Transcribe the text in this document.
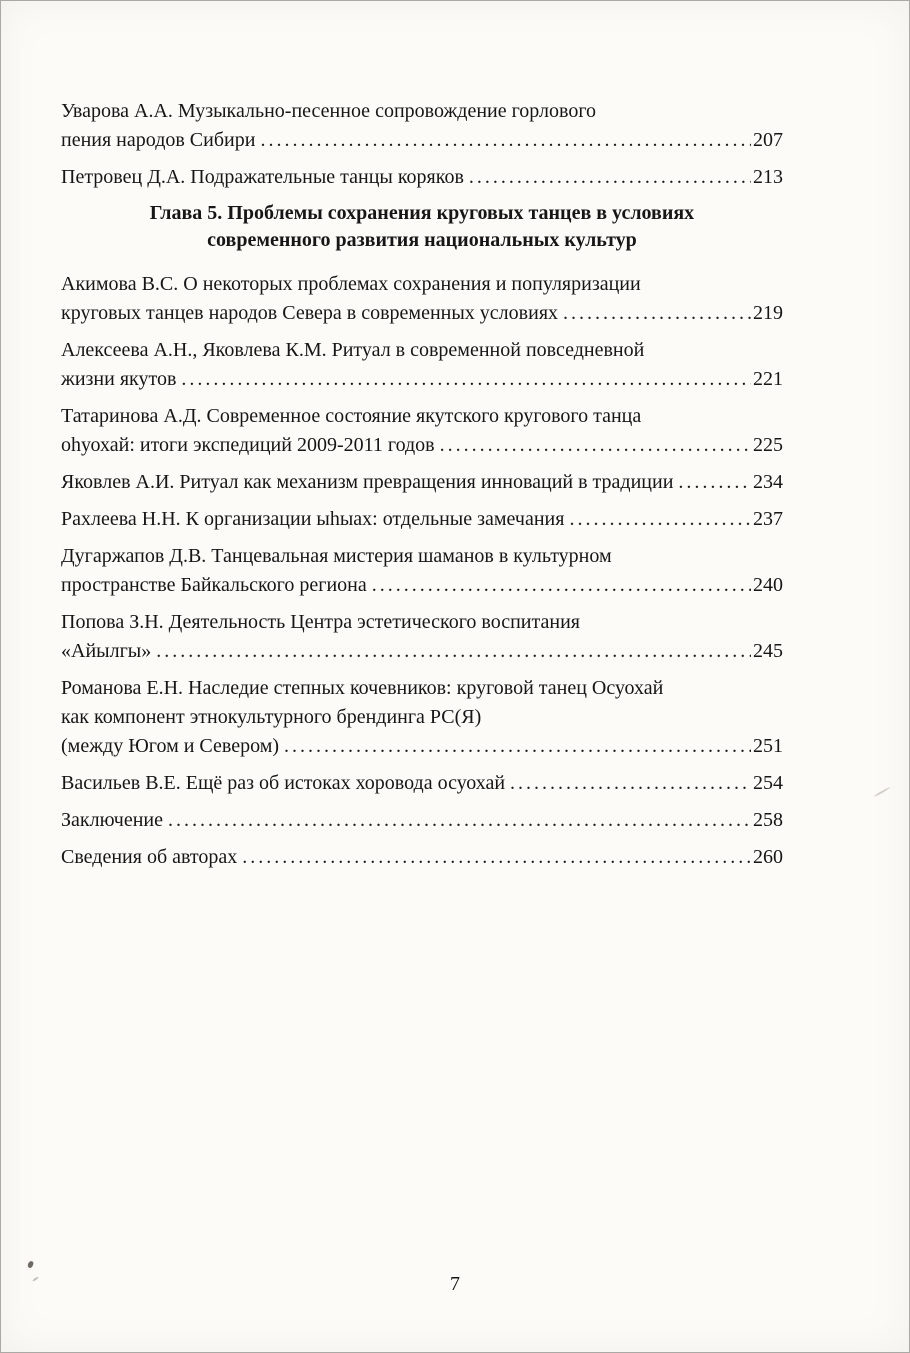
Уварова А.А. Музыкально-песенное сопровождение горлового
пения народов Сибири .....	207
Петровец Д.А. Подражательные танцы коряков .....	213
Глава 5. Проблемы сохранения круговых танцев в условиях
современного развития национальных культур
Акимова В.С. О некоторых проблемах сохранения и популяризации
круговых танцев народов Севера в современных условиях .....	219
Алексеева А.Н., Яковлева К.М. Ритуал в современной повседневной
жизни якутов .....	221
Татаринова А.Д. Современное состояние якутского кругового танца
оһуохай: итоги экспедиций 2009-2011 годов .....	225
Яковлев А.И. Ритуал как механизм превращения инноваций в традиции .....	234
Рахлеева Н.Н. К организации ыһыах: отдельные замечания .....	237
Дугаржапов Д.В. Танцевальная мистерия шаманов в культурном
пространстве Байкальского региона .....	240
Попова З.Н. Деятельность Центра эстетического воспитания
«Айылгы» .....	245
Романова Е.Н. Наследие степных кочевников: круговой танец Осуохай
как компонент этнокультурного брендинга РС(Я)
(между Югом и Севером) .....	251
Васильев В.Е. Ещё раз об истоках хоровода осуохай .....	254
Заключение .....	258
Сведения об авторах .....	260
7
